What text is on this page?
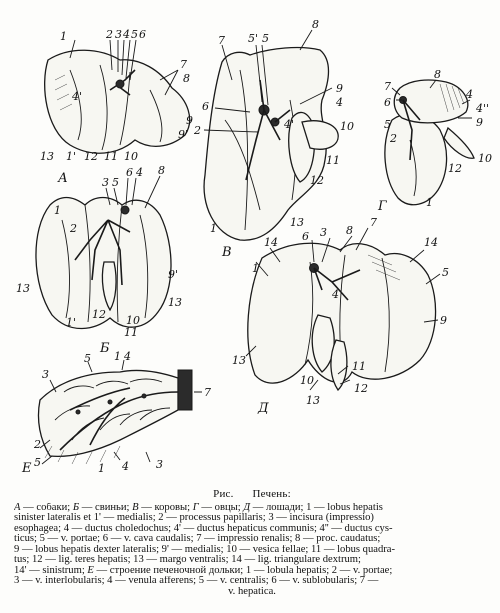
1	2 3 4 5 6
7
4'
8
9
9'
13 1' 12 11 10
А	3 5
6 4 8
1
2
9'
13
12
1'
13
10
11
Б
7 5' 5
8
6
9
4
2	4'	10
11
12
1	13
В
7
8
6
4
4''
5	9
2
12
10
1
Г
6 3 8
7
14	14
1	5
4
13
9
11
10
12
13
Д
5 1 4
3
7
2
5	1 4 3
Е
Рис. Печень:
А — собаки; Б — свиньи; В — коровы; Г — овцы; Д — лошади; 1 — lobus hepatis
sinister lateralis et 1' — medialis; 2 — processus papillaris; 3 — incisura (impressio)
esophagea; 4 — ductus choledochus; 4' — ductus hepaticus communis; 4'' — ductus cys-
ticus; 5 — v. portae; 6 — v. cava caudalis; 7 — impressio renalis; 8 — proc. caudatus;
9 — lobus hepatis dexter lateralis; 9' — medialis; 10 — vesica fellae; 11 — lobus quadra-
tus; 12 — lig. teres hepatis; 13 — margo ventralis; 14 — lig. triangulare dextrum;
14' — sinistrum; Е — строение печеночной дольки; 1 — lobula hepatis; 2 — v. portae;
3 — v. interlobularis; 4 — venula afferens; 5 — v. centralis; 6 — v. sublobularis; 7 —
v. hepatica.
